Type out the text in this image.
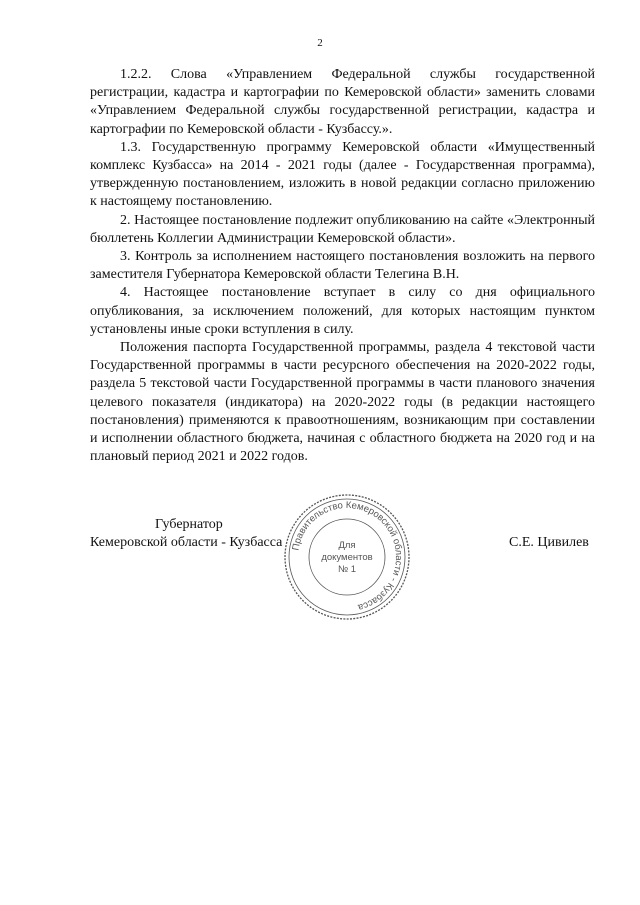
2

1.2.2. Слова «Управлением Федеральной службы государственной регистрации, кадастра и картографии по Кемеровской области» заменить словами «Управлением Федеральной службы государственной регистрации, кадастра и картографии по Кемеровской области - Кузбассу.».

1.3. Государственную программу Кемеровской области «Имущественный комплекс Кузбасса» на 2014 - 2021 годы (далее - Государственная программа), утвержденную постановлением, изложить в новой редакции согласно приложению к настоящему постановлению.

2. Настоящее постановление подлежит опубликованию на сайте «Электронный бюллетень Коллегии Администрации Кемеровской области».

3. Контроль за исполнением настоящего постановления возложить на первого заместителя Губернатора Кемеровской области Телегина В.Н.

4. Настоящее постановление вступает в силу со дня официального опубликования, за исключением положений, для которых настоящим пунктом установлены иные сроки вступления в силу.

Положения паспорта Государственной программы, раздела 4 текстовой части Государственной программы в части ресурсного обеспечения на 2020-2022 годы, раздела 5 текстовой части Государственной программы в части планового значения целевого показателя (индикатора) на 2020-2022 годы (в редакции настоящего постановления) применяются к правоотношениям, возникающим при составлении и исполнении областного бюджета, начиная с областного бюджета на 2020 год и на плановый период 2021 и 2022 годов.

Губернатор
Кемеровской области - Кузбасса	С.Е. Цивилев
Правительство Кемеровской области - Кузбасса
Для
документов
№ 1
